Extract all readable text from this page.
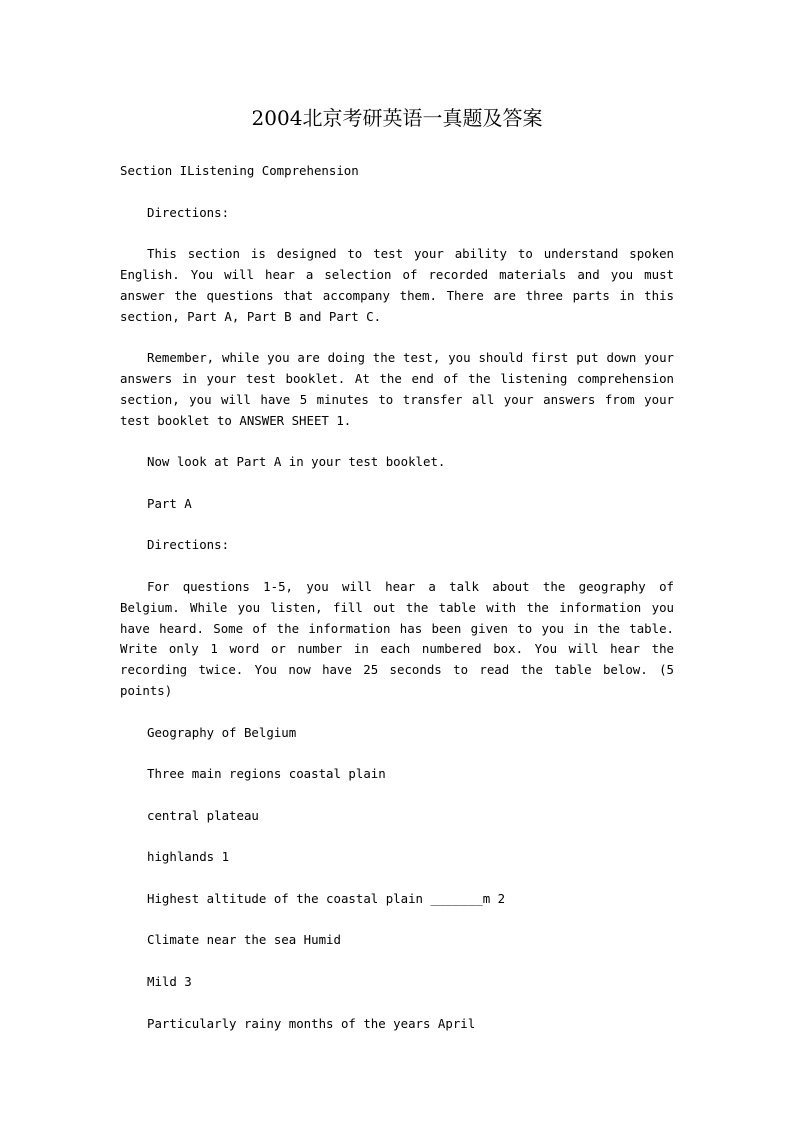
2004北京考研英语一真题及答案

Section IListening Comprehension

Directions:

This section is designed to test your ability to understand spoken English. You will hear a selection of recorded materials and you must answer the questions that accompany them. There are three parts in this section, Part A, Part B and Part C.

Remember, while you are doing the test, you should first put down your answers in your test booklet. At the end of the listening comprehension section, you will have 5 minutes to transfer all your answers from your test booklet to ANSWER SHEET 1.

Now look at Part A in your test booklet.

Part A

Directions:

For questions 1-5, you will hear a talk about the geography of Belgium. While you listen, fill out the table with the information you have heard. Some of the information has been given to you in the table. Write only 1 word or number in each numbered box. You will hear the recording twice. You now have 25 seconds to read the table below. (5 points)

Geography of Belgium

Three main regions coastal plain

central plateau

highlands 1

Highest altitude of the coastal plain _______m 2

Climate near the sea Humid

Mild 3

Particularly rainy months of the years April
